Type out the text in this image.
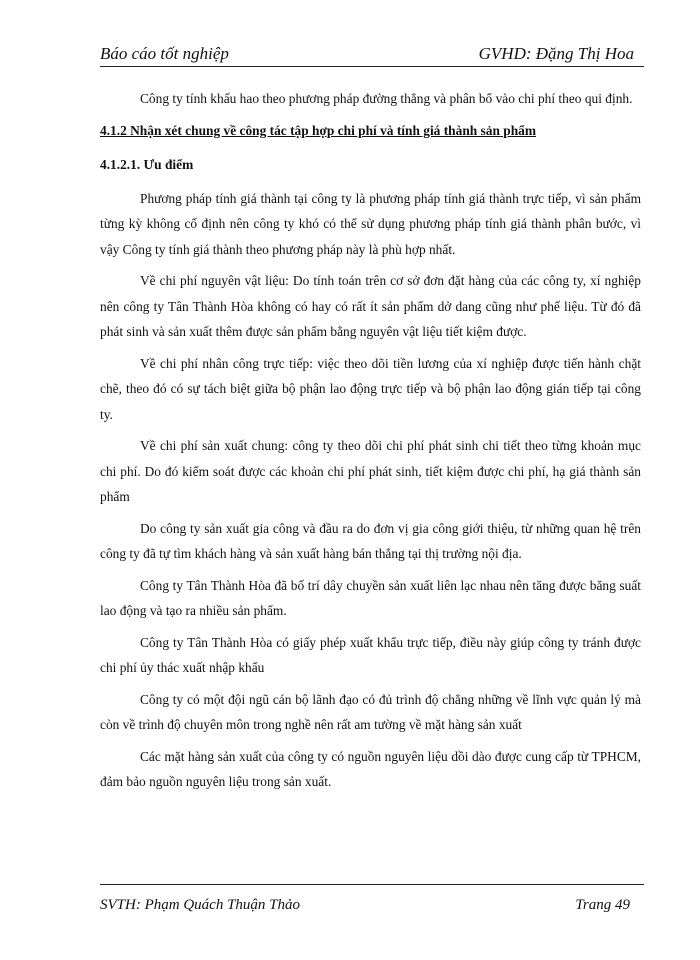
Báo cáo tốt nghiệp	GVHD: Đặng Thị Hoa

Công ty tính khấu hao theo phương pháp đường thẳng và phân bổ vào chi phí theo qui định.

4.1.2 Nhận xét chung về công tác tập hợp chi phí và tính giá thành sản phẩm

4.1.2.1. Ưu điểm

Phương pháp tính giá thành tại công ty là phương pháp tính giá thành trực tiếp, vì sản phẩm từng kỳ không cố định nên công ty khó có thể sử dụng phương pháp tính giá thành phân bước, vì vậy Công ty tính giá thành theo phương pháp này là phù hợp nhất.

Về chi phí nguyên vật liệu: Do tính toán trên cơ sở đơn đặt hàng của các công ty, xí nghiệp nên công ty Tân Thành Hòa không có hay có rất ít sản phẩm dở dang cũng như phế liệu. Từ đó đã phát sinh và sản xuất thêm được sản phẩm bằng nguyên vật liệu tiết kiệm được.

Về chi phí nhân công trực tiếp: việc theo dõi tiền lương của xí nghiệp được tiến hành chặt chẽ, theo đó có sự tách biệt giữa bộ phận lao động trực tiếp và bộ phận lao động gián tiếp tại công ty.

Về chi phí sản xuất chung: công ty theo dõi chi phí phát sinh chi tiết theo từng khoản mục chi phí. Do đó kiểm soát được các khoản chi phí phát sinh, tiết kiệm được chi phí, hạ giá thành sản phẩm

Do công ty sản xuất gia công và đầu ra do đơn vị gia công giới thiệu, từ những quan hệ trên công ty đã tự tìm khách hàng và sản xuất hàng bán thẳng tại thị trường nội địa.

Công ty Tân Thành Hòa đã bố trí dây chuyền sản xuất liên lạc nhau nên tăng được băng suất lao động và tạo ra nhiều sản phẩm.

Công ty Tân Thành Hòa có giấy phép xuất khẩu trực tiếp, điều này giúp công ty tránh được chi phí ủy thác xuất nhập khẩu

Công ty có một đội ngũ cán bộ lãnh đạo có đủ trình độ chẳng những về lĩnh vực quản lý mà còn về trình độ chuyên môn trong nghề nên rất am tường về mặt hàng sản xuất

Các mặt hàng sản xuất của công ty có nguồn nguyên liệu dồi dào được cung cấp từ TPHCM, đảm bảo nguồn nguyên liệu trong sản xuất.

SVTH: Phạm Quách Thuận Thảo	Trang 49
